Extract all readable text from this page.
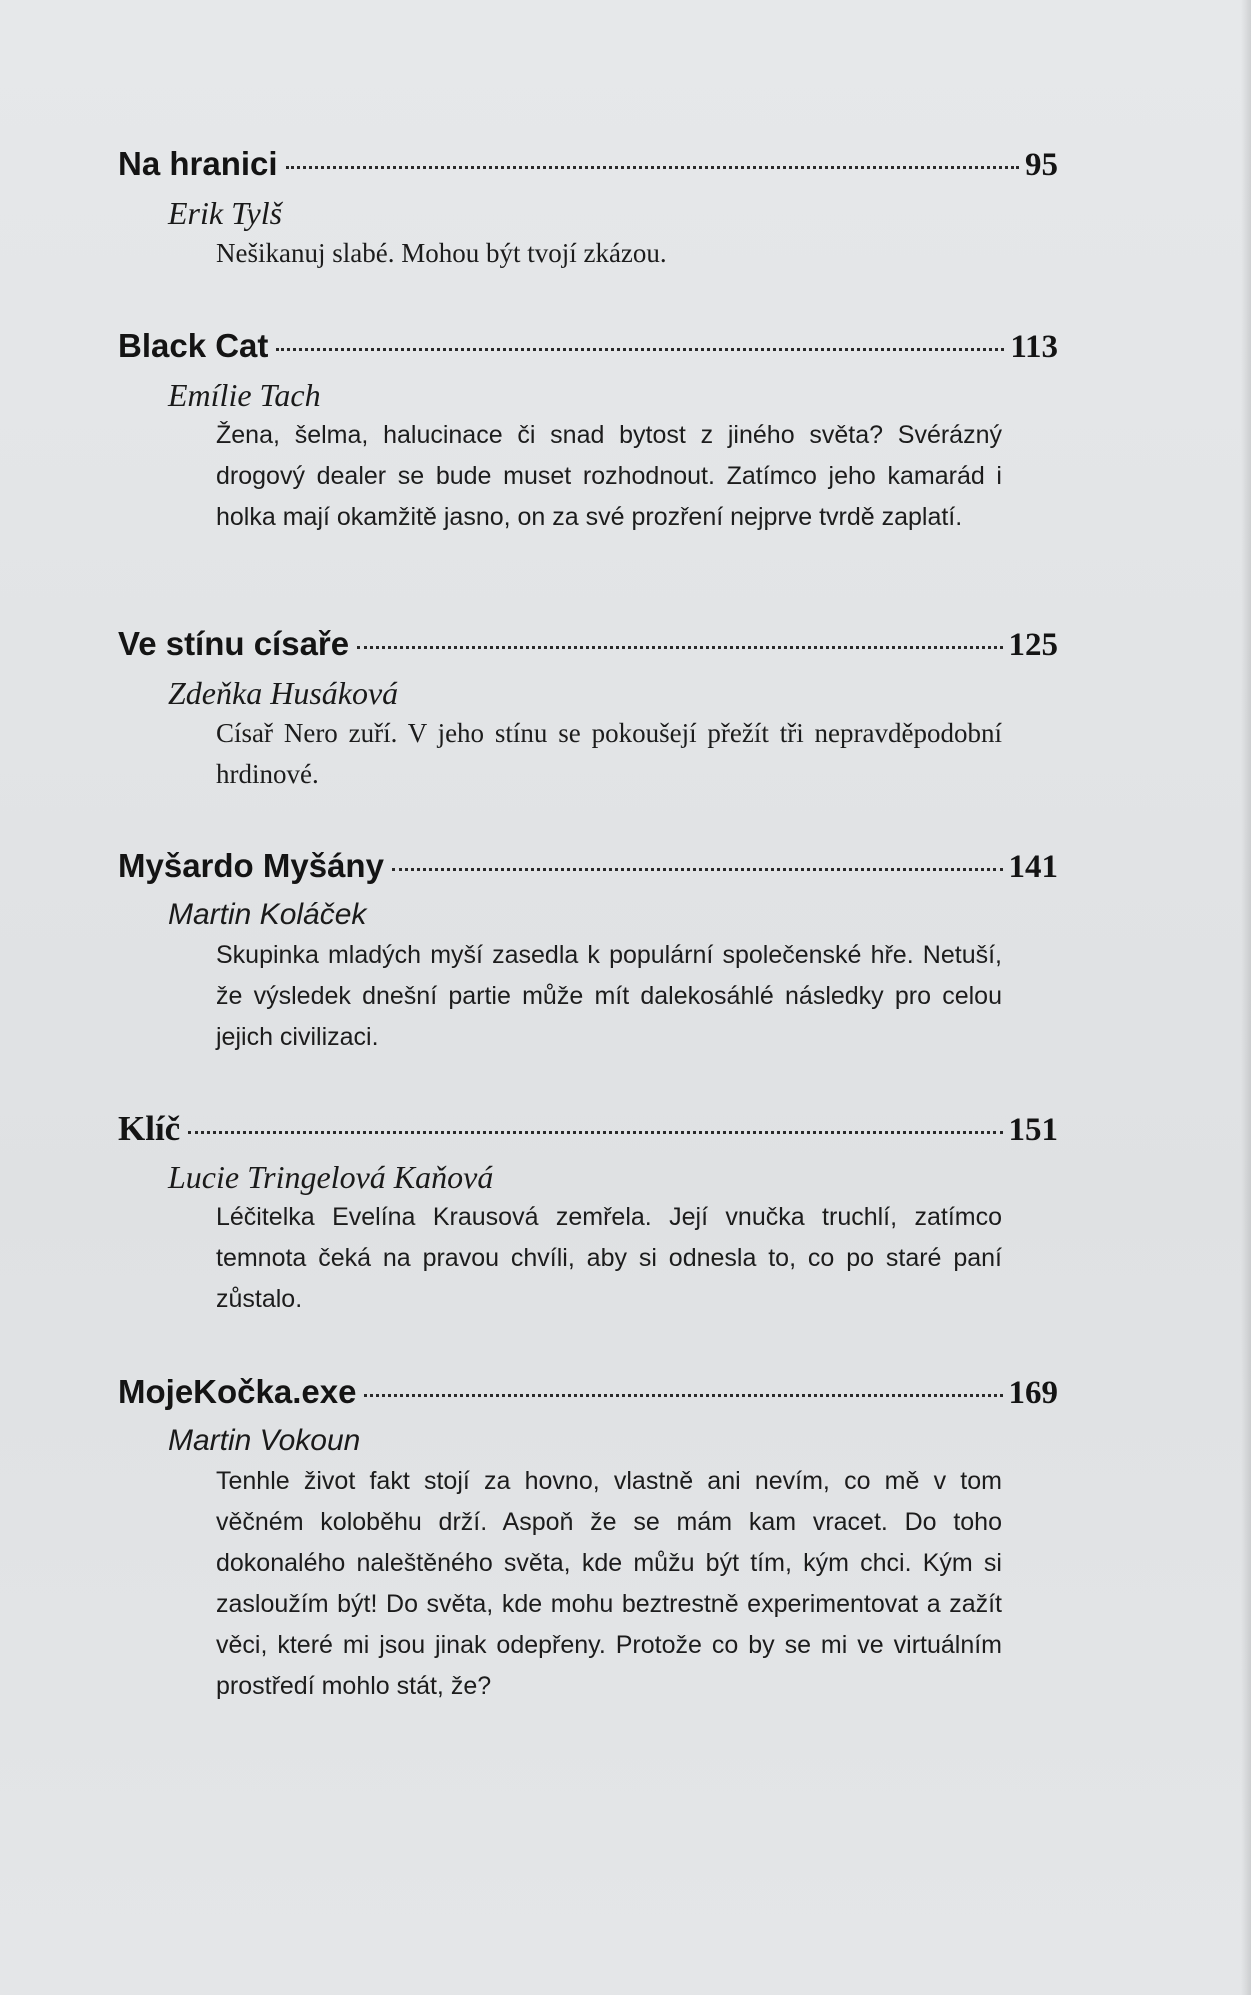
Na hranici	95
Erik Tylš
Nešikanuj slabé. Mohou být tvojí zkázou.
Black Cat	113
Emílie Tach
Žena, šelma, halucinace či snad bytost z jiného světa? Svérázný drogový dealer se bude muset rozhodnout. Zatímco jeho kamarád i holka mají okamžitě jasno, on za své prozření nejprve tvrdě zaplatí.
Ve stínu císaře	125
Zdeňka Husáková
Císař Nero zuří. V jeho stínu se pokoušejí přežít tři nepravděpodobní hrdinové.
Myšardo Myšány	141
Martin Koláček
Skupinka mladých myší zasedla k populární společenské hře. Netuší, že výsledek dnešní partie může mít dalekosáhlé následky pro celou jejich civilizaci.
Klíč	151
Lucie Tringelová Kaňová
Léčitelka Evelína Krausová zemřela. Její vnučka truchlí, zatímco temnota čeká na pravou chvíli, aby si odnesla to, co po staré paní zůstalo.
MojeKočka.exe	169
Martin Vokoun
Tenhle život fakt stojí za hovno, vlastně ani nevím, co mě v tom věčném koloběhu drží. Aspoň že se mám kam vracet. Do toho dokonalého naleštěného světa, kde můžu být tím, kým chci. Kým si zasloužím být! Do světa, kde mohu beztrestně experimentovat a zažít věci, které mi jsou jinak odepřeny. Protože co by se mi ve virtuálním prostředí mohlo stát, že?
